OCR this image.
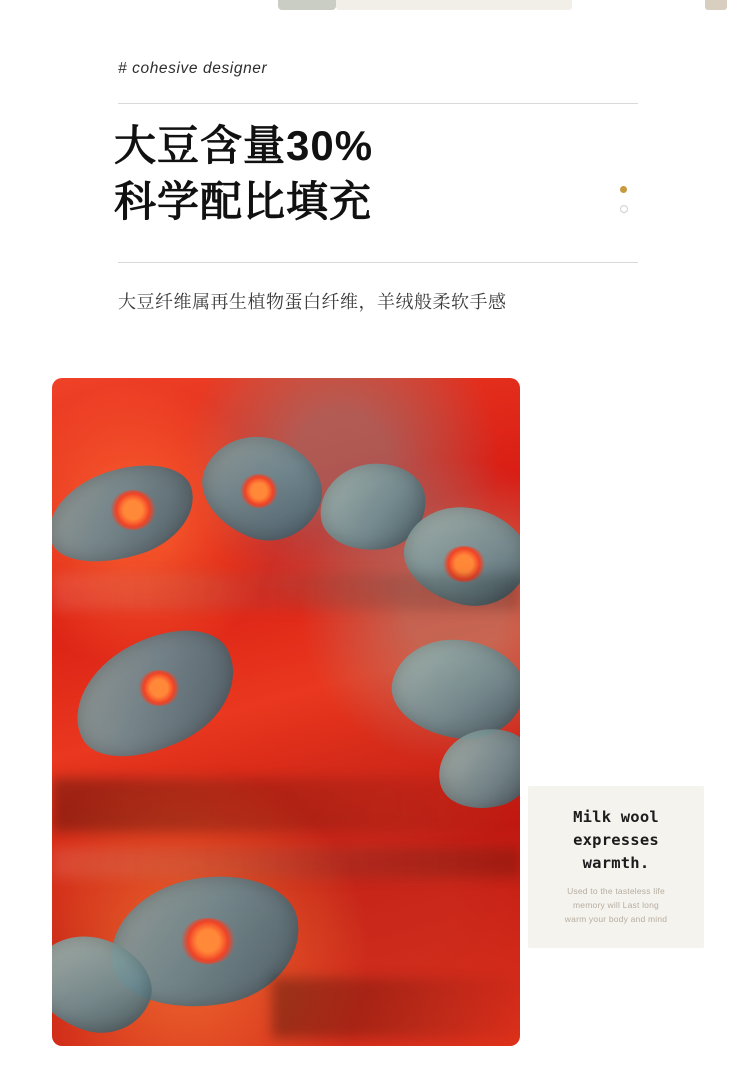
# cohesive designer
大豆含量30%
科学配比填充
大豆纤维属再生植物蛋白纤维，羊绒般柔软手感
Milk wool
expresses
warmth.
Used to the tasteless life
memory will Last long
warm your body and mind
